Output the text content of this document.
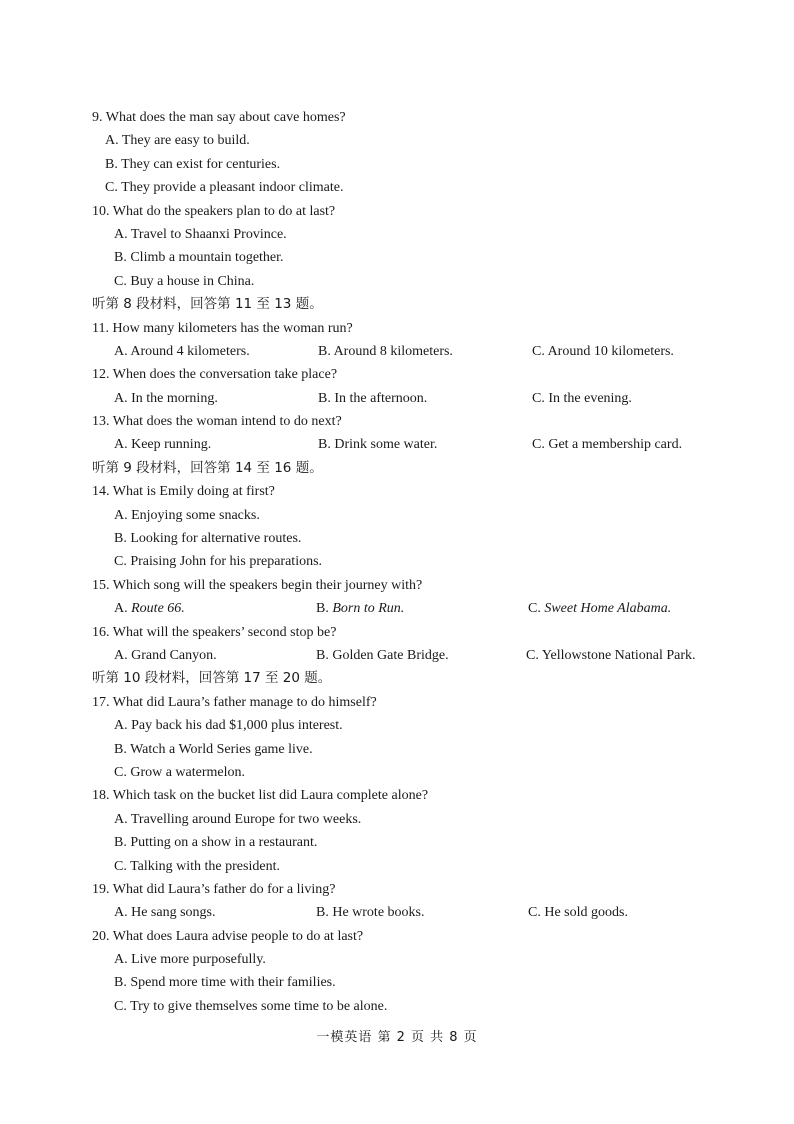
9. What does the man say about cave homes?
A. They are easy to build.
B. They can exist for centuries.
C. They provide a pleasant indoor climate.
10. What do the speakers plan to do at last?
A. Travel to Shaanxi Province.
B. Climb a mountain together.
C. Buy a house in China.
听第 8 段材料，回答第 11 至 13 题。
11. How many kilometers has the woman run?
A. Around 4 kilometers.	B. Around 8 kilometers.	C. Around 10 kilometers.
12. When does the conversation take place?
A. In the morning.	B. In the afternoon.	C. In the evening.
13. What does the woman intend to do next?
A. Keep running.	B. Drink some water.	C. Get a membership card.
听第 9 段材料，回答第 14 至 16 题。
14. What is Emily doing at first?
A. Enjoying some snacks.
B. Looking for alternative routes.
C. Praising John for his preparations.
15. Which song will the speakers begin their journey with?
A. Route 66.	B. Born to Run.	C. Sweet Home Alabama.
16. What will the speakers’ second stop be?
A. Grand Canyon.	B. Golden Gate Bridge.	C. Yellowstone National Park.
听第 10 段材料，回答第 17 至 20 题。
17. What did Laura’s father manage to do himself?
A. Pay back his dad $1,000 plus interest.
B. Watch a World Series game live.
C. Grow a watermelon.
18. Which task on the bucket list did Laura complete alone?
A. Travelling around Europe for two weeks.
B. Putting on a show in a restaurant.
C. Talking with the president.
19. What did Laura’s father do for a living?
A. He sang songs.	B. He wrote books.	C. He sold goods.
20. What does Laura advise people to do at last?
A. Live more purposefully.
B. Spend more time with their families.
C. Try to give themselves some time to be alone.
一模英语 第 2 页 共 8 页
